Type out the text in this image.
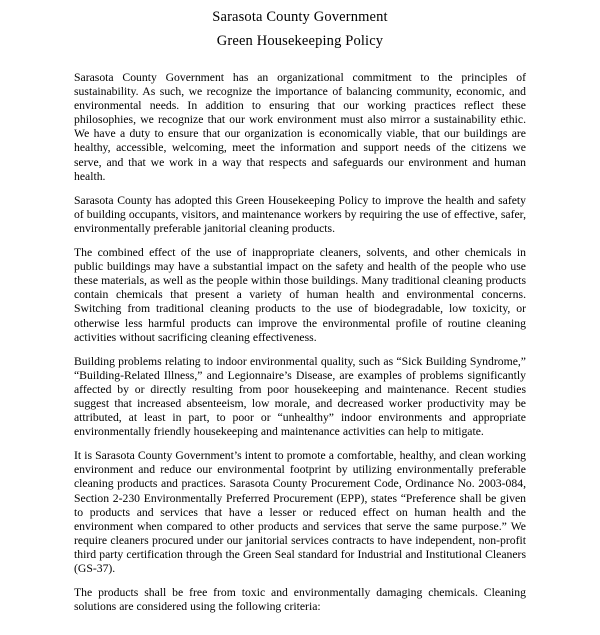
Sarasota County Government
Green Housekeeping Policy

Sarasota County Government has an organizational commitment to the principles of sustainability. As such, we recognize the importance of balancing community, economic, and environmental needs. In addition to ensuring that our working practices reflect these philosophies, we recognize that our work environment must also mirror a sustainability ethic. We have a duty to ensure that our organization is economically viable, that our buildings are healthy, accessible, welcoming, meet the information and support needs of the citizens we serve, and that we work in a way that respects and safeguards our environment and human health.

Sarasota County has adopted this Green Housekeeping Policy to improve the health and safety of building occupants, visitors, and maintenance workers by requiring the use of effective, safer, environmentally preferable janitorial cleaning products.

The combined effect of the use of inappropriate cleaners, solvents, and other chemicals in public buildings may have a substantial impact on the safety and health of the people who use these materials, as well as the people within those buildings. Many traditional cleaning products contain chemicals that present a variety of human health and environmental concerns. Switching from traditional cleaning products to the use of biodegradable, low toxicity, or otherwise less harmful products can improve the environmental profile of routine cleaning activities without sacrificing cleaning effectiveness.

Building problems relating to indoor environmental quality, such as “Sick Building Syndrome,” “Building-Related Illness,” and Legionnaire’s Disease, are examples of problems significantly affected by or directly resulting from poor housekeeping and maintenance. Recent studies suggest that increased absenteeism, low morale, and decreased worker productivity may be attributed, at least in part, to poor or “unhealthy” indoor environments and appropriate environmentally friendly housekeeping and maintenance activities can help to mitigate.

It is Sarasota County Government’s intent to promote a comfortable, healthy, and clean working environment and reduce our environmental footprint by utilizing environmentally preferable cleaning products and practices. Sarasota County Procurement Code, Ordinance No. 2003-084, Section 2-230 Environmentally Preferred Procurement (EPP), states “Preference shall be given to products and services that have a lesser or reduced effect on human health and the environment when compared to other products and services that serve the same purpose.” We require cleaners procured under our janitorial services contracts to have independent, non-profit third party certification through the Green Seal standard for Industrial and Institutional Cleaners (GS-37).

The products shall be free from toxic and environmentally damaging chemicals. Cleaning solutions are considered using the following criteria:
